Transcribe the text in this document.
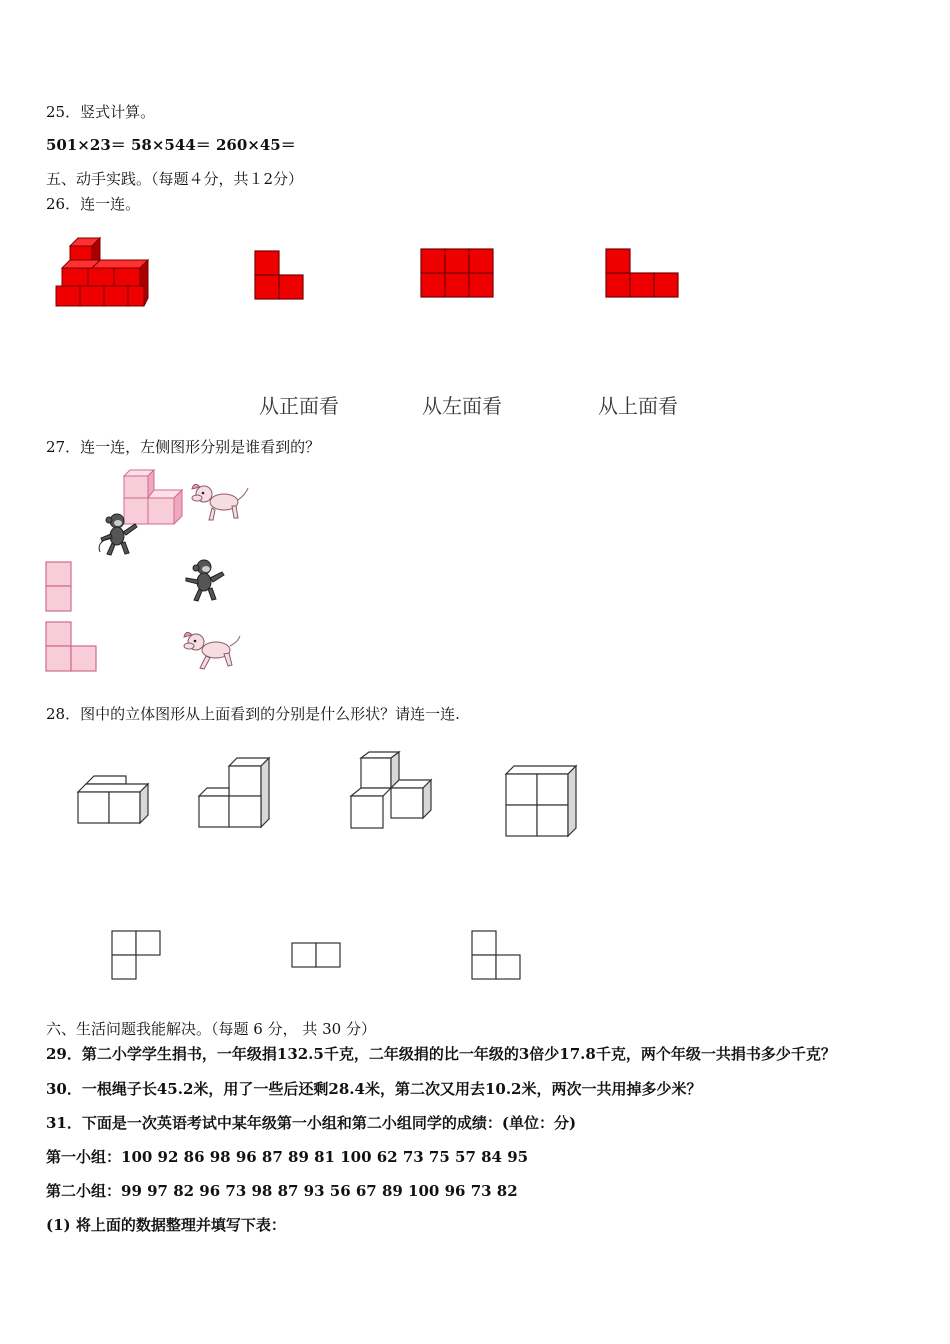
25．竖式计算。
501×23＝ 58×544＝ 260×45＝
五、动手实践。（每题４分，共１2分）
26．连一连。
从正面看	从左面看	从上面看
27．连一连，左侧图形分别是谁看到的？
28．图中的立体图形从上面看到的分别是什么形状？请连一连.
六、生活问题我能解决。（每题 6 分， 共 30 分）
29．第二小学学生捐书，一年级捐132.5千克，二年级捐的比一年级的3倍少17.8千克，两个年级一共捐书多少千克？
30．一根绳子长45.2米，用了一些后还剩28.4米，第二次又用去10.2米，两次一共用掉多少米？
31．下面是一次英语考试中某年级第一小组和第二小组同学的成绩：(单位：分)
第一小组：100 92 86 98 96 87 89 81 100 62 73 75 57 84 95
第二小组：99 97 82 96 73 98 87 93 56 67 89 100 96 73 82
(1) 将上面的数据整理并填写下表：
